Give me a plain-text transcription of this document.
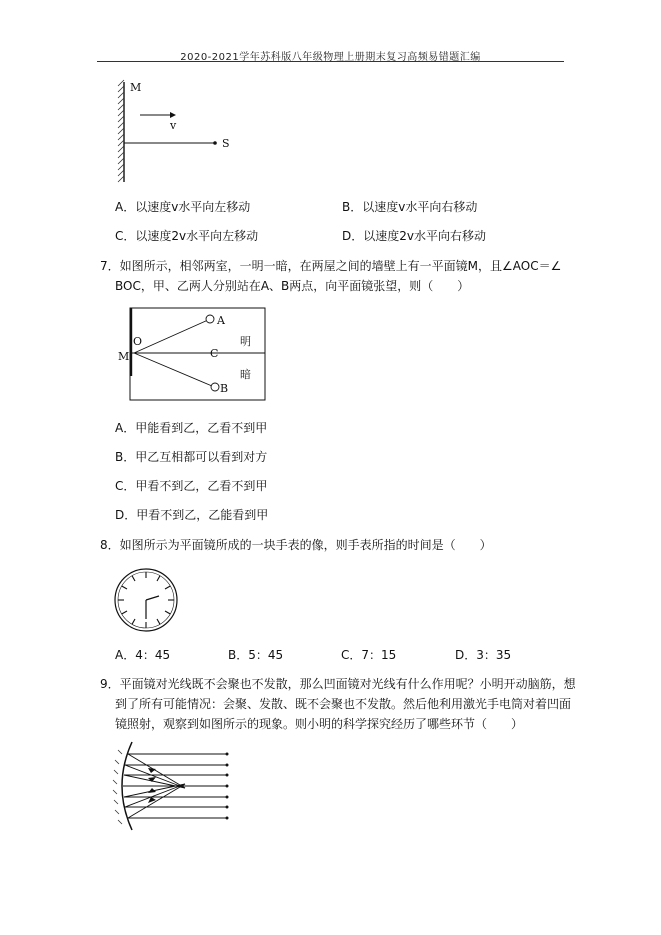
2020-2021学年苏科版八年级物理上册期末复习高频易错题汇编
M
v
S
A．以速度v水平向左移动	B．以速度v水平向右移动
C．以速度2v水平向左移动	D．以速度2v水平向右移动
7．如图所示，相邻两室，一明一暗，在两屋之间的墙壁上有一平面镜M，且∠AOC＝∠
BOC，甲、乙两人分别站在A、B两点，向平面镜张望，则（　　）
O
A
M	C
B
明
暗
A．甲能看到乙，乙看不到甲
B．甲乙互相都可以看到对方
C．甲看不到乙，乙看不到甲
D．甲看不到乙，乙能看到甲
8．如图所示为平面镜所成的一块手表的像，则手表所指的时间是（　　）
A．4：45	B．5：45	C．7：15	D．3：35
9．平面镜对光线既不会聚也不发散，那么凹面镜对光线有什么作用呢？小明开动脑筋，想
到了所有可能情况：会聚、发散、既不会聚也不发散。然后他利用激光手电筒对着凹面
镜照射，观察到如图所示的现象。则小明的科学探究经历了哪些环节（　　）
